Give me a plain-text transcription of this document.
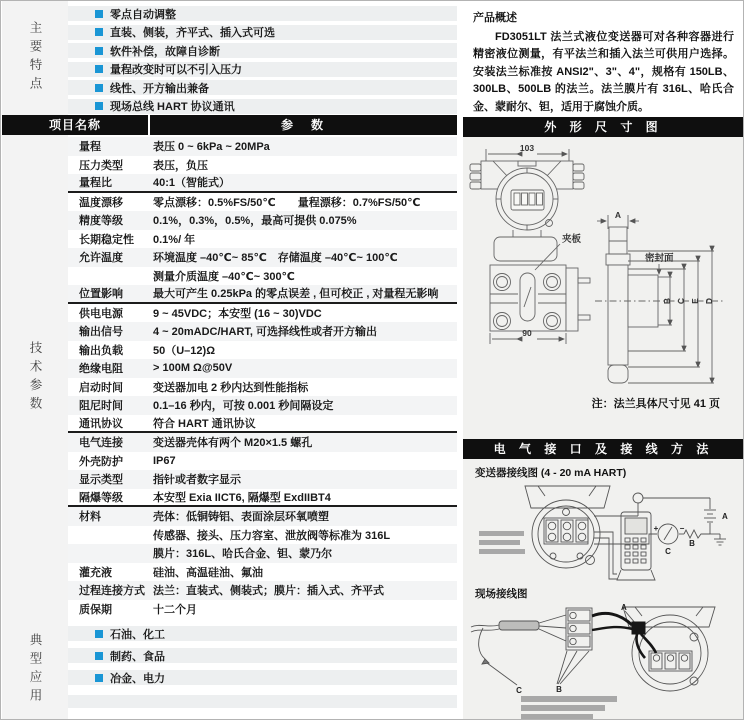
主要特点
零点自动调整
直装、侧装，齐平式、插入式可选
软件补偿，故障自诊断
量程改变时可以不引入压力
线性、开方输出兼备
现场总线 HART 协议通讯
项目名称	参　数
技术参数
量程	表压 0 ~ 6kPa ~ 20MPa
压力类型	表压，负压
量程比	40:1（智能式）
温度漂移	零点漂移：0.5%FS/50℃　　量程漂移：0.7%FS/50℃
精度等级	0.1%，0.3%，0.5%，最高可提供 0.075%
长期稳定性	0.1%/ 年
允许温度	环境温度 –40℃~ 85℃　存储温度 –40℃~ 100℃
测量介质温度 –40℃~ 300℃
位置影响	最大可产生 0.25kPa 的零点误差 , 但可校正 , 对量程无影响
供电电源	9 ~ 45VDC；本安型 (16 ~ 30)VDC
输出信号	4 ~ 20mADC/HART, 可选择线性或者开方输出
输出负载	50（U–12)Ω
绝缘电阻	> 100M Ω@50V
启动时间	变送器加电 2 秒内达到性能指标
阻尼时间	0.1–16 秒内，可按 0.001 秒间隔设定
通讯协议	符合 HART 通讯协议
电气连接	变送器壳体有两个 M20×1.5 螺孔
外壳防护	IP67
显示类型	指针或者数字显示
隔爆等级	本安型 Exia IICT6, 隔爆型 ExdIIBT4
材料	壳体：低铜铸铝、表面涂层环氧喷塑
传感器、接头、压力容室、泄放阀等标准为 316L
膜片：316L、哈氏合金、钽、蒙乃尔
灌充液	硅油、高温硅油、氟油
过程连接方式 法兰：直装式、侧装式；膜片：插入式、齐平式
质保期	十二个月
典型应用	石油、化工
制药、食品
冶金、电力
产品概述
FD3051LT 法兰式液位变送器可对各种容器进行精密液位测量，有平法兰和插入法兰可供用户选择。安装法兰标准按 ANSI2"、3"、4"，规格有 150LB、300LB、500LB 的法兰。法兰膜片有 316L、哈氏合金、蒙耐尔、钽，适用于腐蚀介质。
外 形 尺 寸 图
103
90
A
夹板
密封面
B C E D
注：法兰具体尺寸见 41 页
电 气 接 口 及 接 线 方 法
变送器接线图 (4 - 20 mA HART)
+	−
A
B
C
现场接线图
A
B
C
